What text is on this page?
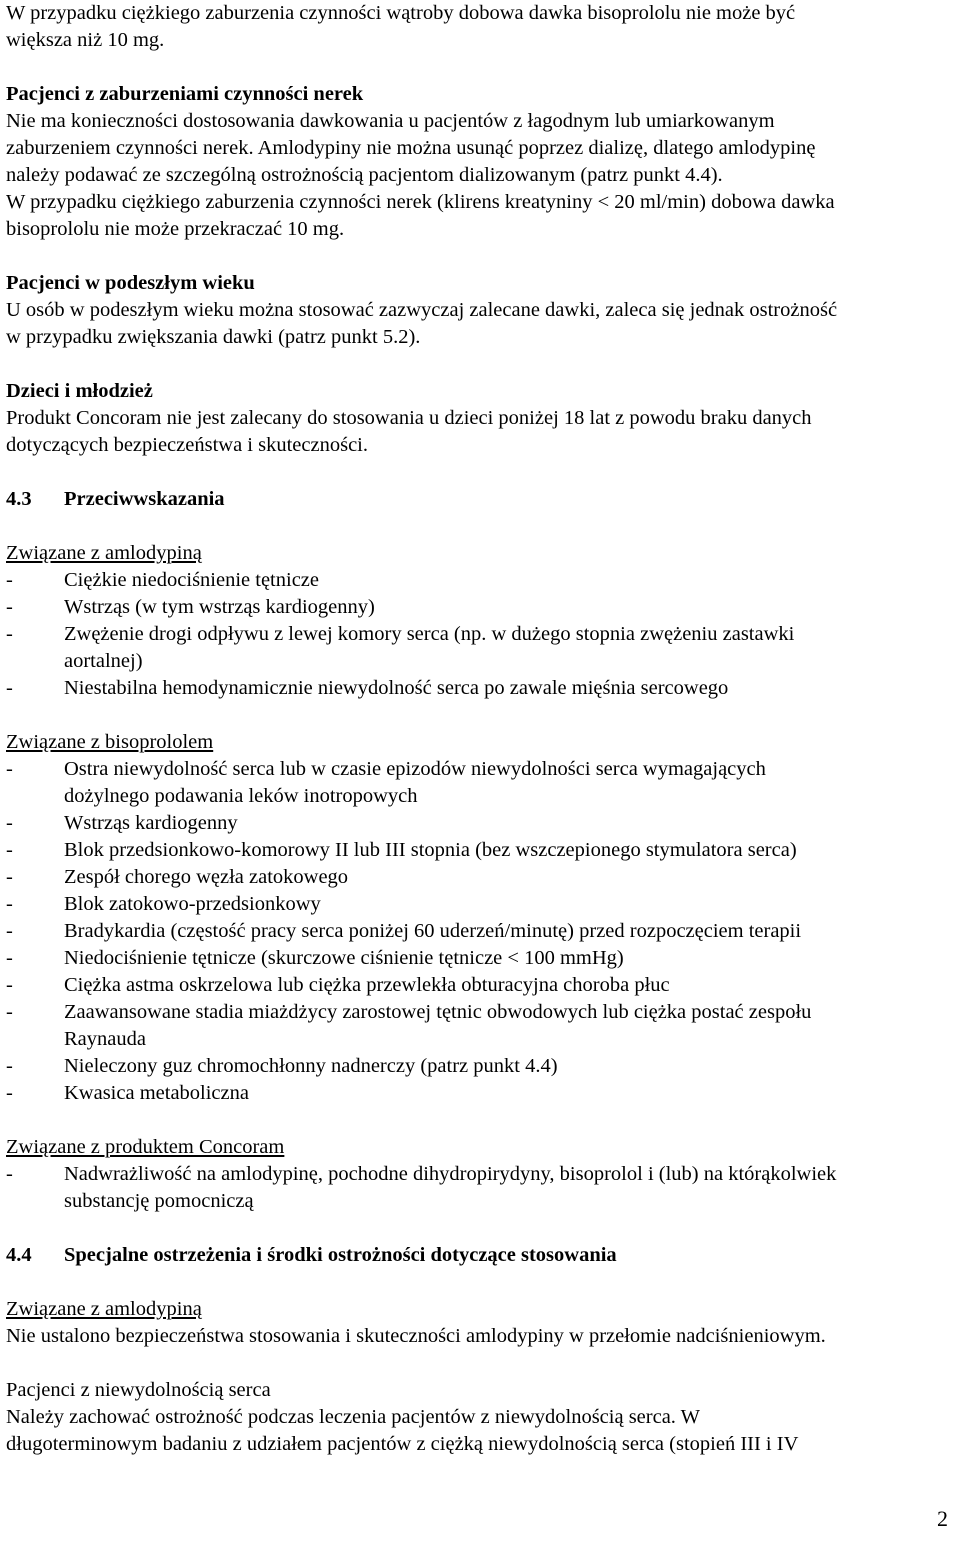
W przypadku ciężkiego zaburzenia czynności wątroby dobowa dawka bisoprololu nie może być
większa niż 10 mg.
Pacjenci z zaburzeniami czynności nerek
Nie ma konieczności dostosowania dawkowania u pacjentów z łagodnym lub umiarkowanym
zaburzeniem czynności nerek. Amlodypiny nie można usunąć poprzez dializę, dlatego amlodypinę
należy podawać ze szczególną ostrożnością pacjentom dializowanym (patrz punkt 4.4).
W przypadku ciężkiego zaburzenia czynności nerek (klirens kreatyniny < 20 ml/min) dobowa dawka
bisoprololu nie może przekraczać 10 mg.
Pacjenci w podeszłym wieku
U osób w podeszłym wieku można stosować zazwyczaj zalecane dawki, zaleca się jednak ostrożność
w przypadku zwiększania dawki (patrz punkt 5.2).
Dzieci i młodzież
Produkt Concoram nie jest zalecany do stosowania u dzieci poniżej 18 lat z powodu braku danych
dotyczących bezpieczeństwa i skuteczności.
4.3 Przeciwwskazania
Związane z amlodypiną
-	Ciężkie niedociśnienie tętnicze
-	Wstrząs (w tym wstrząs kardiogenny)
-	Zwężenie drogi odpływu z lewej komory serca (np. w dużego stopnia zwężeniu zastawki
aortalnej)
-	Niestabilna hemodynamicznie niewydolność serca po zawale mięśnia sercowego
Związane z bisoprololem
-	Ostra niewydolność serca lub w czasie epizodów niewydolności serca wymagających
dożylnego podawania leków inotropowych
-	Wstrząs kardiogenny
-	Blok przedsionkowo-komorowy II lub III stopnia (bez wszczepionego stymulatora serca)
-	Zespół chorego węzła zatokowego
-	Blok zatokowo-przedsionkowy
-	Bradykardia (częstość pracy serca poniżej 60 uderzeń/minutę) przed rozpoczęciem terapii
-	Niedociśnienie tętnicze (skurczowe ciśnienie tętnicze < 100 mmHg)
-	Ciężka astma oskrzelowa lub ciężka przewlekła obturacyjna choroba płuc
-	Zaawansowane stadia miażdżycy zarostowej tętnic obwodowych lub ciężka postać zespołu
Raynauda
-	Nieleczony guz chromochłonny nadnerczy (patrz punkt 4.4)
-	Kwasica metaboliczna
Związane z produktem Concoram
-	Nadwrażliwość na amlodypinę, pochodne dihydropirydyny, bisoprolol i (lub) na którąkolwiek
substancję pomocniczą
4.4 Specjalne ostrzeżenia i środki ostrożności dotyczące stosowania
Związane z amlodypiną
Nie ustalono bezpieczeństwa stosowania i skuteczności amlodypiny w przełomie nadciśnieniowym.
Pacjenci z niewydolnością serca
Należy zachować ostrożność podczas leczenia pacjentów z niewydolnością serca. W
długoterminowym badaniu z udziałem pacjentów z ciężką niewydolnością serca (stopień III i IV
2
